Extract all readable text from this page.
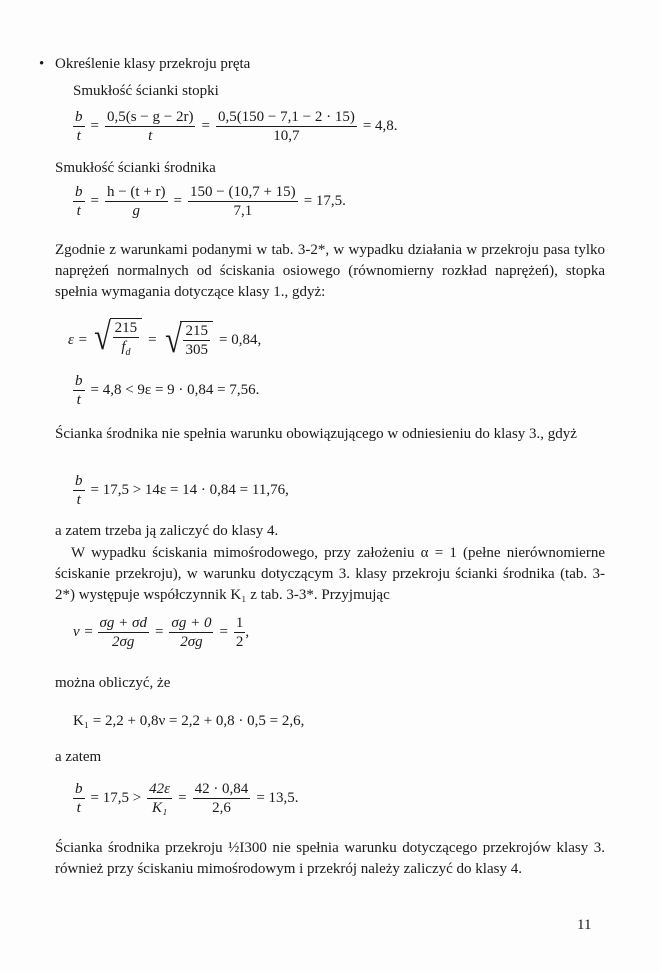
• Określenie klasy przekroju pręta
Smukłość ścianki stopki
$\frac{b}{t} = \frac{0,5(s - g - 2r)}{t} = \frac{0,5(150 - 7,1 - 2 \cdot 15)}{10,7} = 4,8$.
Smukłość ścianki środnika
$\frac{b}{t} = \frac{h - (t + r)}{g} = \frac{150 - (10,7 + 15)}{7,1} = 17,5$.
Zgodnie z warunkami podanymi w tab. 3-2*, w wypadku działania w przekroju pasa tylko naprężeń normalnych od ściskania osiowego (równomierny rozkład naprężeń), stopka spełnia wymagania dotyczące klasy 1., gdyż:
ε = √ $\frac{215}{f_d}$ = √ $\frac{215}{305} = 0,84$,
$\frac{b}{t} = 4,8 < 9\varepsilon = 9 \cdot 0,84 = 7,56$.
Ścianka środnika nie spełnia warunku obowiązującego w odniesieniu do klasy 3., gdyż
$\frac{b}{t} = 17,5 > 14\varepsilon = 14 \cdot 0,84 = 11,76$,
a zatem trzeba ją zaliczyć do klasy 4.
W wypadku ściskania mimośrodowego, przy założeniu α = 1 (pełne nierównomierne ściskanie przekroju), w warunku dotyczącym 3. klasy przekroju ścianki środnika (tab. 3-2*) występuje współczynnik K₁ z tab. 3-3*. Przyjmując
$\nu = \frac{\sigma g + \sigma d}{2\sigma g} = \frac{\sigma g + 0}{2\sigma g} = \frac{1}{2}$ ,
można obliczyć, że
K₁ = 2,2 + 0,8ν = 2,2 + 0,8 · 0,5 = 2,6,
a zatem
$\frac{b}{t} = 17,5 > \frac{42\varepsilon}{\text{K₁}} = \frac{42 \cdot 0,84}{2,6} = 13,5$.
Ścianka środnika przekroju ½I300 nie spełnia warunku dotyczącego przekrojów klasy 3. również przy ściskaniu mimośrodowym i przekrój należy zaliczyć do klasy 4.
11
